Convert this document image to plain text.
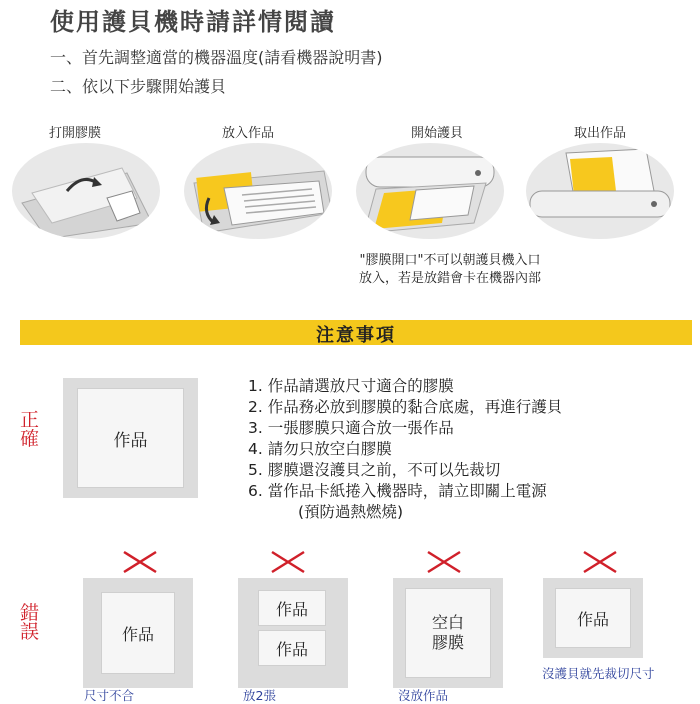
使用護貝機時請詳情閱讀
一、首先調整適當的機器溫度(請看機器說明書)
二、依以下步驟開始護貝
打開膠膜	放入作品	開始護貝	取出作品
"膠膜開口"不可以朝護貝機入口
放入，若是放錯會卡在機器內部
注意事項
正
確	作品
1. 作品請選放尺寸適合的膠膜
2. 作品務必放到膠膜的黏合底處，再進行護貝
3. 一張膠膜只適合放一張作品
4. 請勿只放空白膠膜
5. 膠膜還沒護貝之前，不可以先裁切
6. 當作品卡紙捲入機器時，請立即關上電源
(預防過熱燃燒)
錯
誤	作品
作品
作品
空白
膠膜
作品
尺寸不合	放2張	沒放作品
沒護貝就先裁切尺寸
